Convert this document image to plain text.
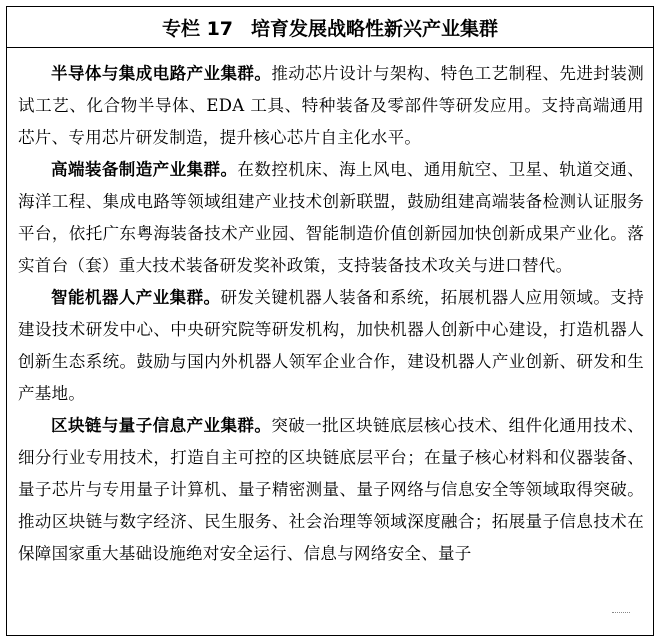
专栏 17 培育发展战略性新兴产业集群

半导体与集成电路产业集群。推动芯片设计与架构、特色工艺制程、先进封装测试工艺、化合物半导体、EDA 工具、特种装备及零部件等研发应用。支持高端通用芯片、专用芯片研发制造，提升核心芯片自主化水平。

高端装备制造产业集群。在数控机床、海上风电、通用航空、卫星、轨道交通、海洋工程、集成电路等领域组建产业技术创新联盟，鼓励组建高端装备检测认证服务平台，依托广东粤海装备技术产业园、智能制造价值创新园加快创新成果产业化。落实首台（套）重大技术装备研发奖补政策，支持装备技术攻关与进口替代。

智能机器人产业集群。研发关键机器人装备和系统，拓展机器人应用领域。支持建设技术研发中心、中央研究院等研发机构，加快机器人创新中心建设，打造机器人创新生态系统。鼓励与国内外机器人领军企业合作，建设机器人产业创新、研发和生产基地。

区块链与量子信息产业集群。突破一批区块链底层核心技术、组件化通用技术、细分行业专用技术，打造自主可控的区块链底层平台；在量子核心材料和仪器装备、量子芯片与专用量子计算机、量子精密测量、量子网络与信息安全等领域取得突破。推动区块链与数字经济、民生服务、社会治理等领域深度融合；拓展量子信息技术在保障国家重大基础设施绝对安全运行、信息与网络安全、量子
